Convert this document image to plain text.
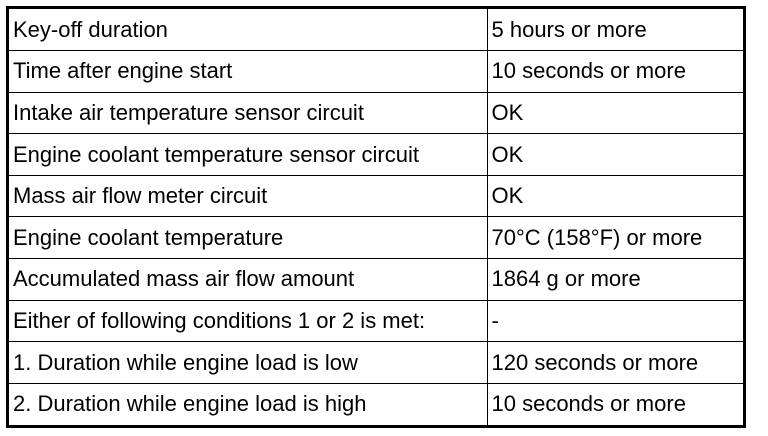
Key-off duration	5 hours or more
Time after engine start	10 seconds or more
Intake air temperature sensor circuit	OK
Engine coolant temperature sensor circuit	OK
Mass air flow meter circuit	OK
Engine coolant temperature	70°C (158°F) or more
Accumulated mass air flow amount	1864 g or more
Either of following conditions 1 or 2 is met:	-
1. Duration while engine load is low	120 seconds or more
2. Duration while engine load is high	10 seconds or more
